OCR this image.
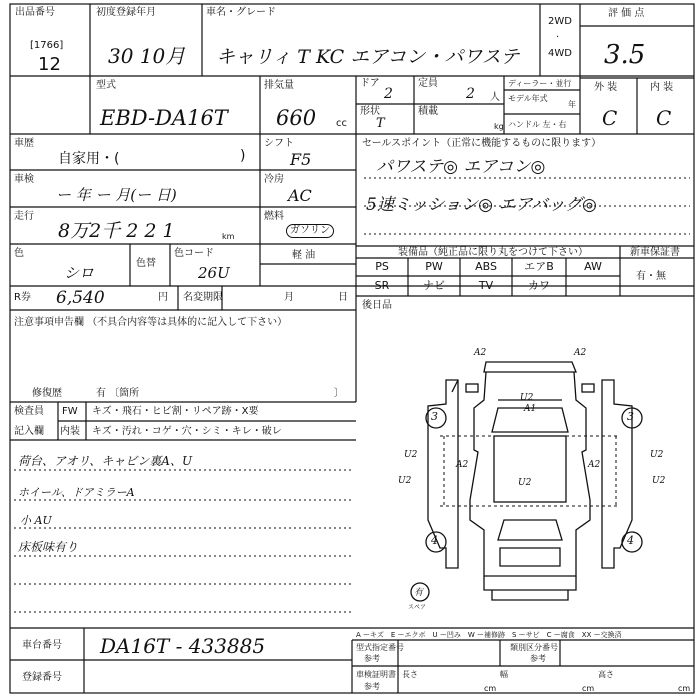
出品番号
[1766]
12
初度登録年月
30 10月
車名・グレード
キャリィ T KC エアコン・パワステ
2WD
·
4WD
評 価 点
3.5
外 装	内 装
C C
型式
EBD-DA16T
排気量
660 cc
ドア
2
定員
2 人
形状
T
積載
kg
ディーラー・並行
モデル年式
年
ハンドル 左・右
車歴
自家用・(	)
車検
ー 年 ー 月(ー 日)
走行
8万2千 2 2 1	km
色
シロ
色替
色コード
26U
シフト
F5
冷房
AC
燃料
ガソリン
軽 油
R券 6,540	円 名変期限	月	日
セールスポイント（正常に機能するものに限ります）
パワステ◎ エアコン◎
5速ミッション◎ エアバッグ◎
装備品（純正品に限り丸をつけて下さい）	新車保証書
有・無
PS	PW	ABS	エアB	AW
SR	ナビ	TV	カワ
後日品
注意事項申告欄 （不具合内容等は具体的に記入して下さい）
修復歴	有 〔箇所	〕
検査員
記入欄
FW キズ・飛石・ヒビ割・リペア跡・X要
内装 キズ・汚れ・コゲ・穴・シミ・キレ・破レ
荷台、アオリ、キャビン裏A、U
ホイール、ドアミラーA
小 AU
床板味有り
A2	A2
U2
A1
U2
A2	A2
U2
U2
U2
U2
3	3
4	4
有
スペア
A ーキズ　E ーエクボ　U ー凹み　W ー補修跡　S ーサビ　C ー腐食　XX ー交換済
車台番号 DA16T - 433885
登録番号
型式指定番号
参考
類別区分番号
参考
車検証明書
参考
長さ
cm
幅
cm
高さ
cm
